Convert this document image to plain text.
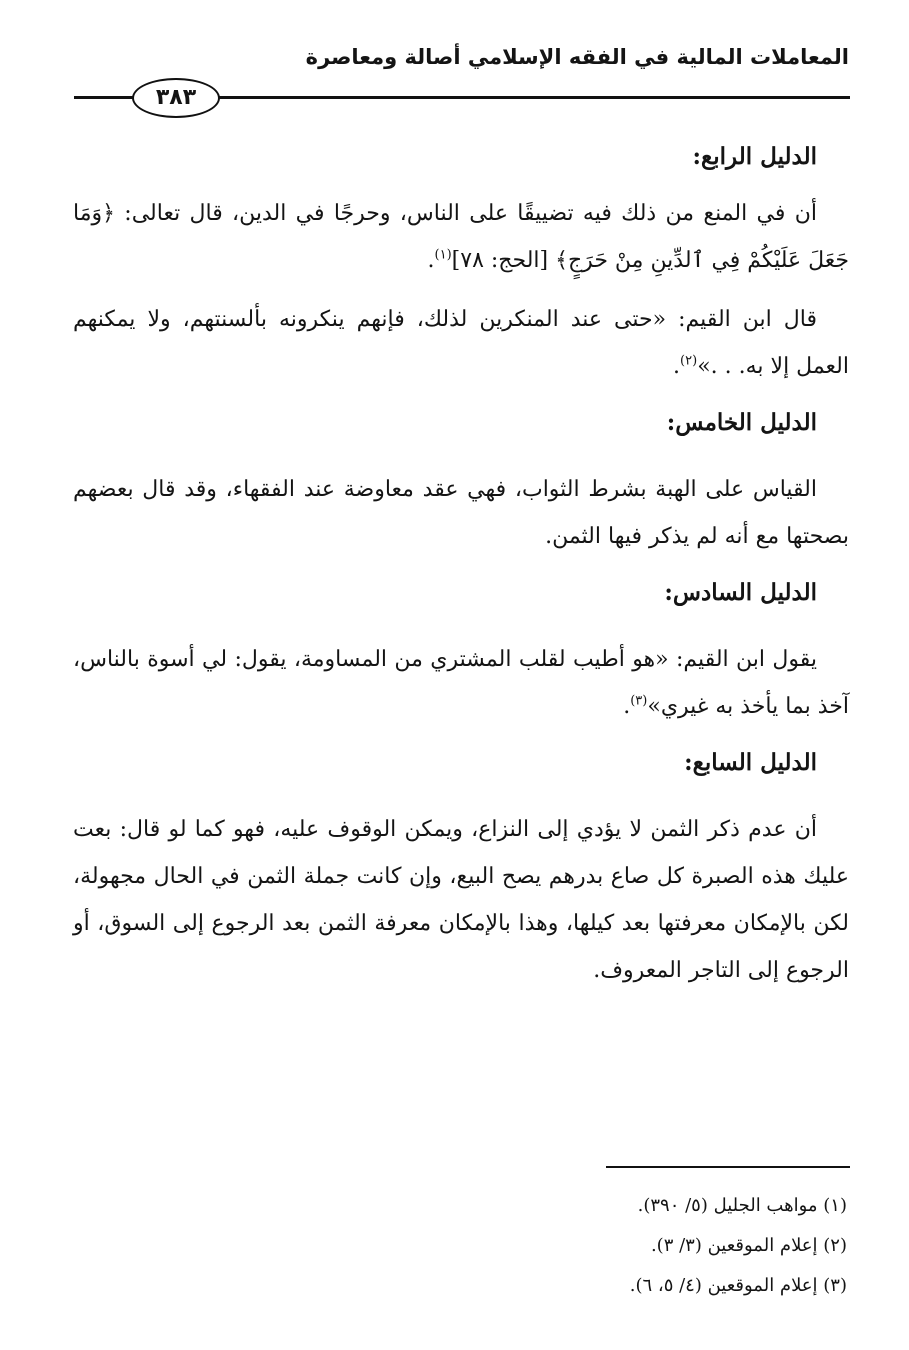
المعاملات المالية في الفقه الإسلامي أصالة ومعاصرة
٣٨٣
الدليل الرابع:

أن في المنع من ذلك فيه تضييقًا على الناس، وحرجًا في الدين، قال تعالى: ﴿وَمَا جَعَلَ عَلَيْكُمْ فِي ٱلدِّينِ مِنْ حَرَجٍ﴾ [الحج: ٧٨]$^{(١)}$.

قال ابن القيم: «حتى عند المنكرين لذلك، فإنهم ينكرونه بألسنتهم، ولا يمكنهم العمل إلا به. . .»$^{(٢)}$.

الدليل الخامس:

القياس على الهبة بشرط الثواب، فهي عقد معاوضة عند الفقهاء، وقد قال بعضهم بصحتها مع أنه لم يذكر فيها الثمن.

الدليل السادس:

يقول ابن القيم: «هو أطيب لقلب المشتري من المساومة، يقول: لي أسوة بالناس، آخذ بما يأخذ به غيري»$^{(٣)}$.

الدليل السابع:

أن عدم ذكر الثمن لا يؤدي إلى النزاع، ويمكن الوقوف عليه، فهو كما لو قال: بعت عليك هذه الصبرة كل صاع بدرهم يصح البيع، وإن كانت جملة الثمن في الحال مجهولة، لكن بالإمكان معرفتها بعد كيلها، وهذا بالإمكان معرفة الثمن بعد الرجوع إلى السوق، أو الرجوع إلى التاجر المعروف.

(١) مواهب الجليل (٥/ ٣٩٠).

(٢) إعلام الموقعين (٣/ ٣).

(٣) إعلام الموقعين (٤/ ٥، ٦).
